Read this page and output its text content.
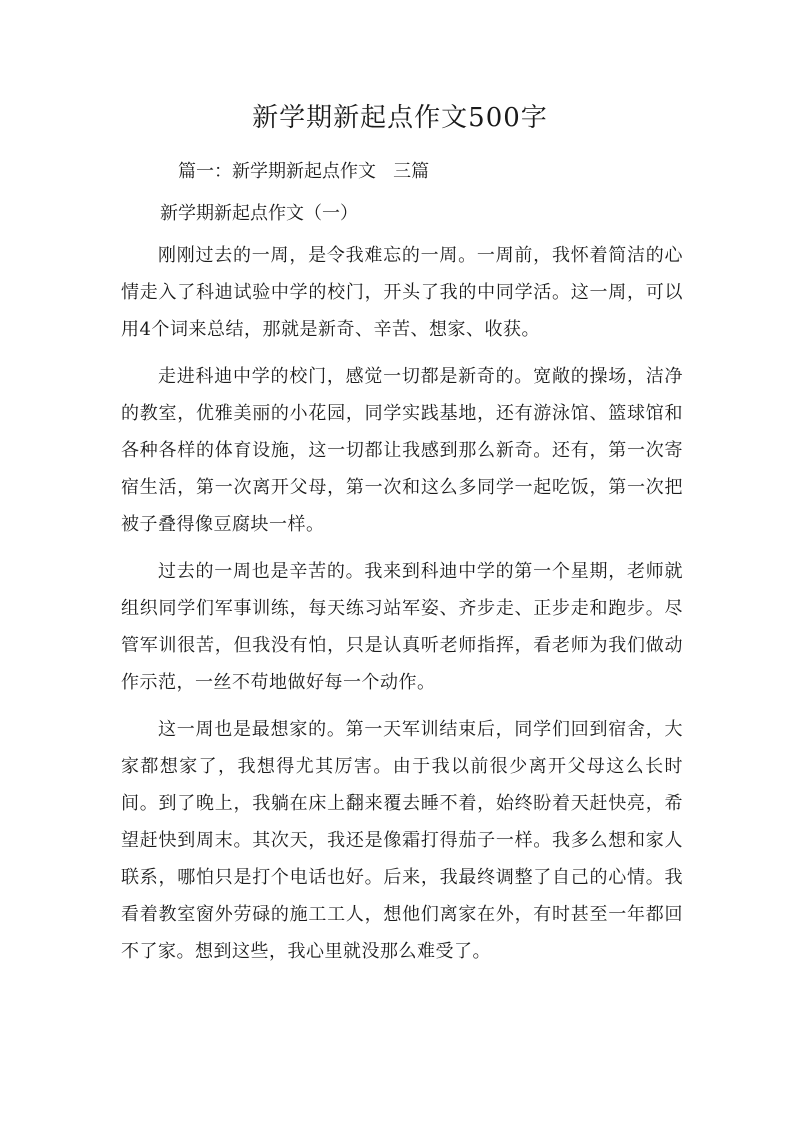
新学期新起点作文500字

篇一：新学期新起点作文   三篇

新学期新起点作文（一）

刚刚过去的一周，是令我难忘的一周。一周前，我怀着简洁的心情走入了科迪试验中学的校门，开头了我的中同学活。这一周，可以用4个词来总结，那就是新奇、辛苦、想家、收获。

走进科迪中学的校门，感觉一切都是新奇的。宽敞的操场，洁净的教室，优雅美丽的小花园，同学实践基地，还有游泳馆、篮球馆和各种各样的体育设施，这一切都让我感到那么新奇。还有，第一次寄宿生活，第一次离开父母，第一次和这么多同学一起吃饭，第一次把被子叠得像豆腐块一样。

过去的一周也是辛苦的。我来到科迪中学的第一个星期，老师就组织同学们军事训练，每天练习站军姿、齐步走、正步走和跑步。尽管军训很苦，但我没有怕，只是认真听老师指挥，看老师为我们做动作示范，一丝不苟地做好每一个动作。

这一周也是最想家的。第一天军训结束后，同学们回到宿舍，大家都想家了，我想得尤其厉害。由于我以前很少离开父母这么长时间。到了晚上，我躺在床上翻来覆去睡不着，始终盼着天赶快亮，希望赶快到周末。其次天，我还是像霜打得茄子一样。我多么想和家人联系，哪怕只是打个电话也好。后来，我最终调整了自己的心情。我看着教室窗外劳碌的施工工人，想他们离家在外，有时甚至一年都回不了家。想到这些，我心里就没那么难受了。
